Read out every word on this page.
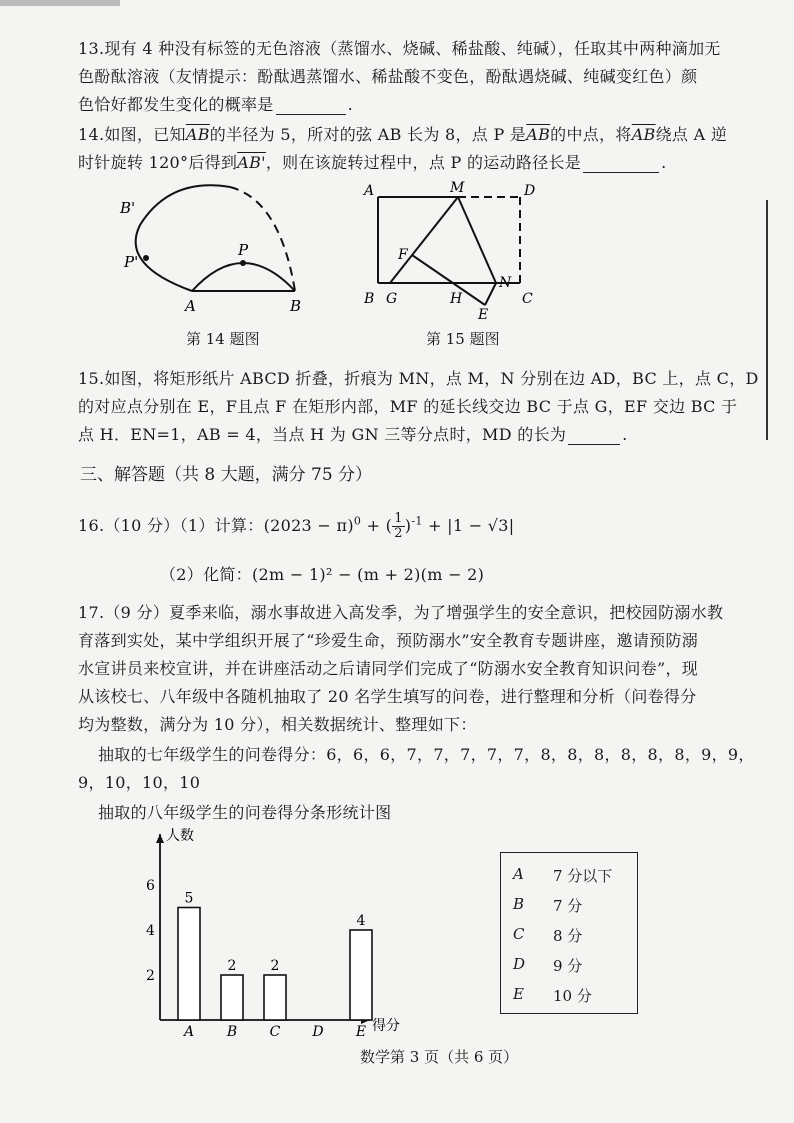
13.现有 4 种没有标签的无色溶液（蒸馏水、烧碱、稀盐酸、纯碱），任取其中两种滴加无
色酚酞溶液（友情提示：酚酞遇蒸馏水、稀盐酸不变色，酚酞遇烧碱、纯碱变红色）颜
色恰好都发生变化的概率是	.
14.如图，已知$\overline{AB}$的半径为 5，所对的弦 AB 长为 8，点 P 是$\overline{AB}$的中点，将$\overline{AB}$绕点 A 逆
时针旋转 120°后得到AB'，则在该旋转过程中，点 P 的运动路径长是	.
B'
P'
P
A	B
第 14 题图
A	M	D
F
N
B G	H	C
E
第 15 题图
15.如图，将矩形纸片 ABCD 折叠，折痕为 MN，点 M，N 分别在边 AD，BC 上，点 C，D
的对应点分别在 E，F且点 F 在矩形内部，MF 的延长线交边 BC 于点 G，EF 交边 BC 于
点 H．EN=1，AB = 4，当点 H 为 GN 三等分点时，MD 的长为	.
三、解答题（共 8 大题，满分 75 分）
16.（10 分）（1）计算：$(2023 - \pi)^0$ + ( $\frac{1}{2} )^{-1} + |1 - √3|$
（2）化简：(2m − 1)² − (m + 2)(m − 2)
17.（9 分）夏季来临，溺水事故进入高发季，为了增强学生的安全意识，把校园防溺水教
育落到实处，某中学组织开展了“珍爱生命，预防溺水”安全教育专题讲座，邀请预防溺
水宣讲员来校宣讲，并在讲座活动之后请同学们完成了“防溺水安全教育知识问卷”，现
从该校七、八年级中各随机抽取了 20 名学生填写的问卷，进行整理和分析（问卷得分
均为整数，满分为 10 分），相关数据统计、整理如下：
抽取的七年级学生的问卷得分：6，6，6，7，7，7，7，7，8，8，8，8，8，8，9，9，
9，10，10，10
抽取的八年级学生的问卷得分条形统计图
人数
得分
2
4
6
5
A
2
B
2
C D
4
E
A 7 分以下
B 7 分
C 8 分
D 9 分
E 10 分
数学第 3 页（共 6 页）
